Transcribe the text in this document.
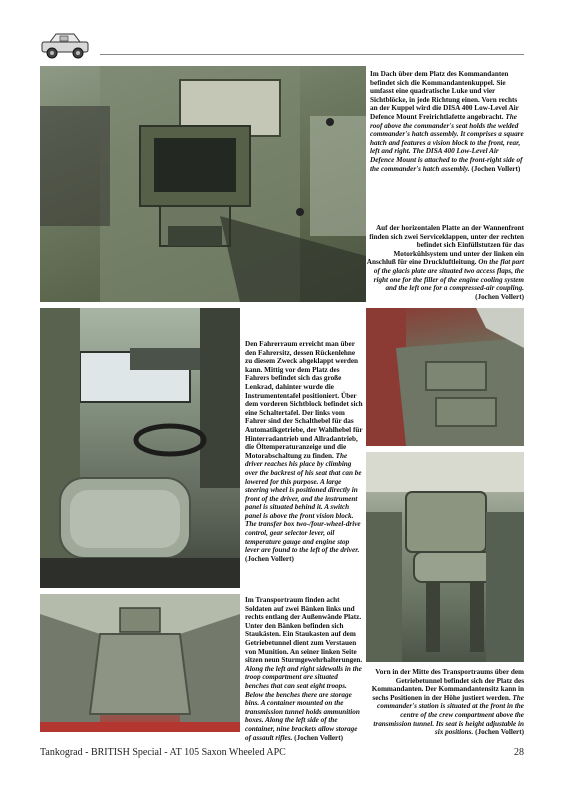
Im Dach über dem Platz des Kommandanten befindet sich die Kommandantenkuppel. Sie umfasst eine quadratische Luke und vier Sichtblöcke, in jede Richtung einen. Vorn rechts an der Kuppel wird die DISA 400 Low-Level Air Defence Mount Freirichtlafette angebracht. The roof above the commander's seat holds the welded commander's hatch assembly. It comprises a square hatch and features a vision block to the front, rear, left and right. The DISA 400 Low-Level Air Defence Mount is attached to the front-right side of the commander's hatch assembly. (Jochen Vollert)
Auf der horizontalen Platte an der Wannenfront finden sich zwei Serviceklappen, unter der rechten befindet sich Einfüllstutzen für das Motorkühlsystem und unter der linken ein Anschluß für eine Druckluftleitung. On the flat part of the glacis plate are situated two access flaps, the right one for the filler of the engine cooling system and the left one for a compressed-air coupling. (Jochen Vollert)
Den Fahrerraum erreicht man über den Fahrersitz, dessen Rückenlehne zu diesem Zweck abgeklappt werden kann. Mittig vor dem Platz des Fahrers befindet sich das große Lenkrad, dahinter wurde die Instrumententafel positioniert. Über dem vorderen Sichtblock befindet sich eine Schaltertafel. Der links vom Fahrer sind der Schalthebel für das Automatikgetriebe, der Wahlhebel für Hinterradantrieb und Allradantrieb, die Öltemperaturanzeige und die Motorabschaltung zu finden. The driver reaches his place by climbing over the backrest of his seat that can be lowered for this purpose. A large steering wheel is positioned directly in front of the driver, and the instrument panel is situated behind it. A switch panel is above the front vision block. The transfer box two-/four-wheel-drive control, gear selector lever, oil temperature gauge and engine stop lever are found to the left of the driver. (Jochen Vollert)
Im Transportraum finden acht Soldaten auf zwei Bänken links und rechts entlang der Außenwände Platz. Unter den Bänken befinden sich Staukästen. Ein Staukasten auf dem Getriebetunnel dient zum Verstauen von Munition. An seiner linken Seite sitzen neun Sturmgewehrhalterungen. Along the left and right sidewalls in the troop compartment are situated benches that can seat eight troops. Below the benches there are storage bins. A container mounted on the transmission tunnel holds ammunition boxes. Along the left side of the container, nine brackets allow storage of assault rifles. (Jochen Vollert)
Vorn in der Mitte des Transportraums über dem Getriebetunnel befindet sich der Platz des Kommandanten. Der Kommandantensitz kann in sechs Positionen in der Höhe justiert werden. The commander's station is situated at the front in the centre of the crew compartment above the transmission tunnel. Its seat is height adjustable in six positions. (Jochen Vollert)
Tankograd - BRITISH Special - AT 105 Saxon Wheeled APC	28
